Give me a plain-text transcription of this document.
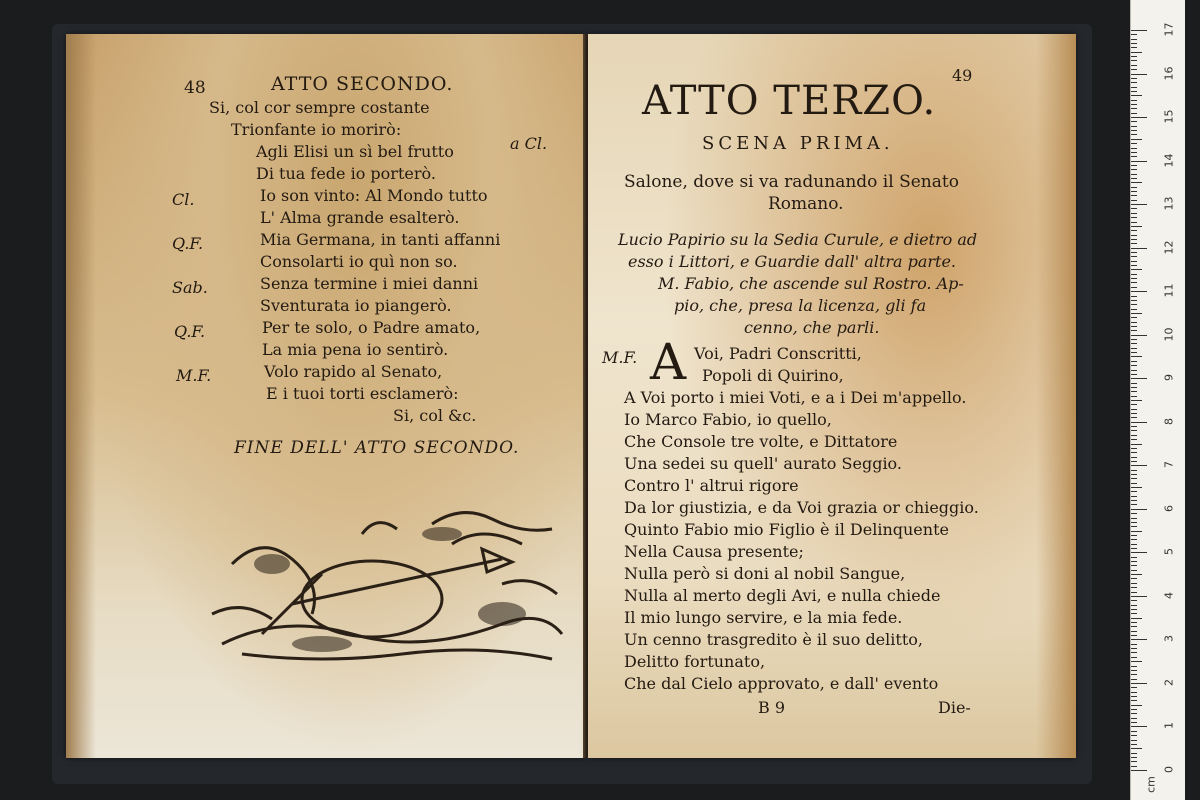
48	ATTO SECONDO.
Si, col cor sempre costante
Trionfante io morirò:
Agli Elisi un sì bel frutto	a Cl.
Di tua fede io porterò.
Cl.	Io son vinto: Al Mondo tutto
L' Alma grande esalterò.
Q.F.	Mia Germana, in tanti affanni
Consolarti io quì non so.
Sab.	Senza termine i miei danni
Sventurata io piangerò.
Q.F.	Per te solo, o Padre amato,
La mia pena io sentirò.
M.F.	Volo rapido al Senato,
E i tuoi torti esclamerò:
Si, col &c.
FINE DELL' ATTO SECONDO.
49
ATTO TERZO.
SCENA PRIMA.
Salone, dove si va radunando il Senato
Romano.
Lucio Papirio su la Sedia Curule, e dietro ad
esso i Littori, e Guardie dall' altra parte.
M. Fabio, che ascende sul Rostro. Ap-
pio, che, presa la licenza, gli fa
cenno, che parli.
M.F. A Voi, Padri Conscritti,
Popoli di Quirino,
A Voi porto i miei Voti, e a i Dei m'appello.
Io Marco Fabio, io quello,
Che Console tre volte, e Dittatore
Una sedei su quell' aurato Seggio.
Contro l' altrui rigore
Da lor giustizia, e da Voi grazia or chieggio.
Quinto Fabio mio Figlio è il Delinquente
Nella Causa presente;
Nulla però si doni al nobil Sangue,
Nulla al merto degli Avi, e nulla chiede
Il mio lungo servire, e la mia fede.
Un cenno trasgredito è il suo delitto,
Delitto fortunato,
Che dal Cielo approvato, e dall' evento
B 9	Die-
17
16
15
14
13
12
11
10
9
8
7
6
5
4
3
2
1
0
cm
